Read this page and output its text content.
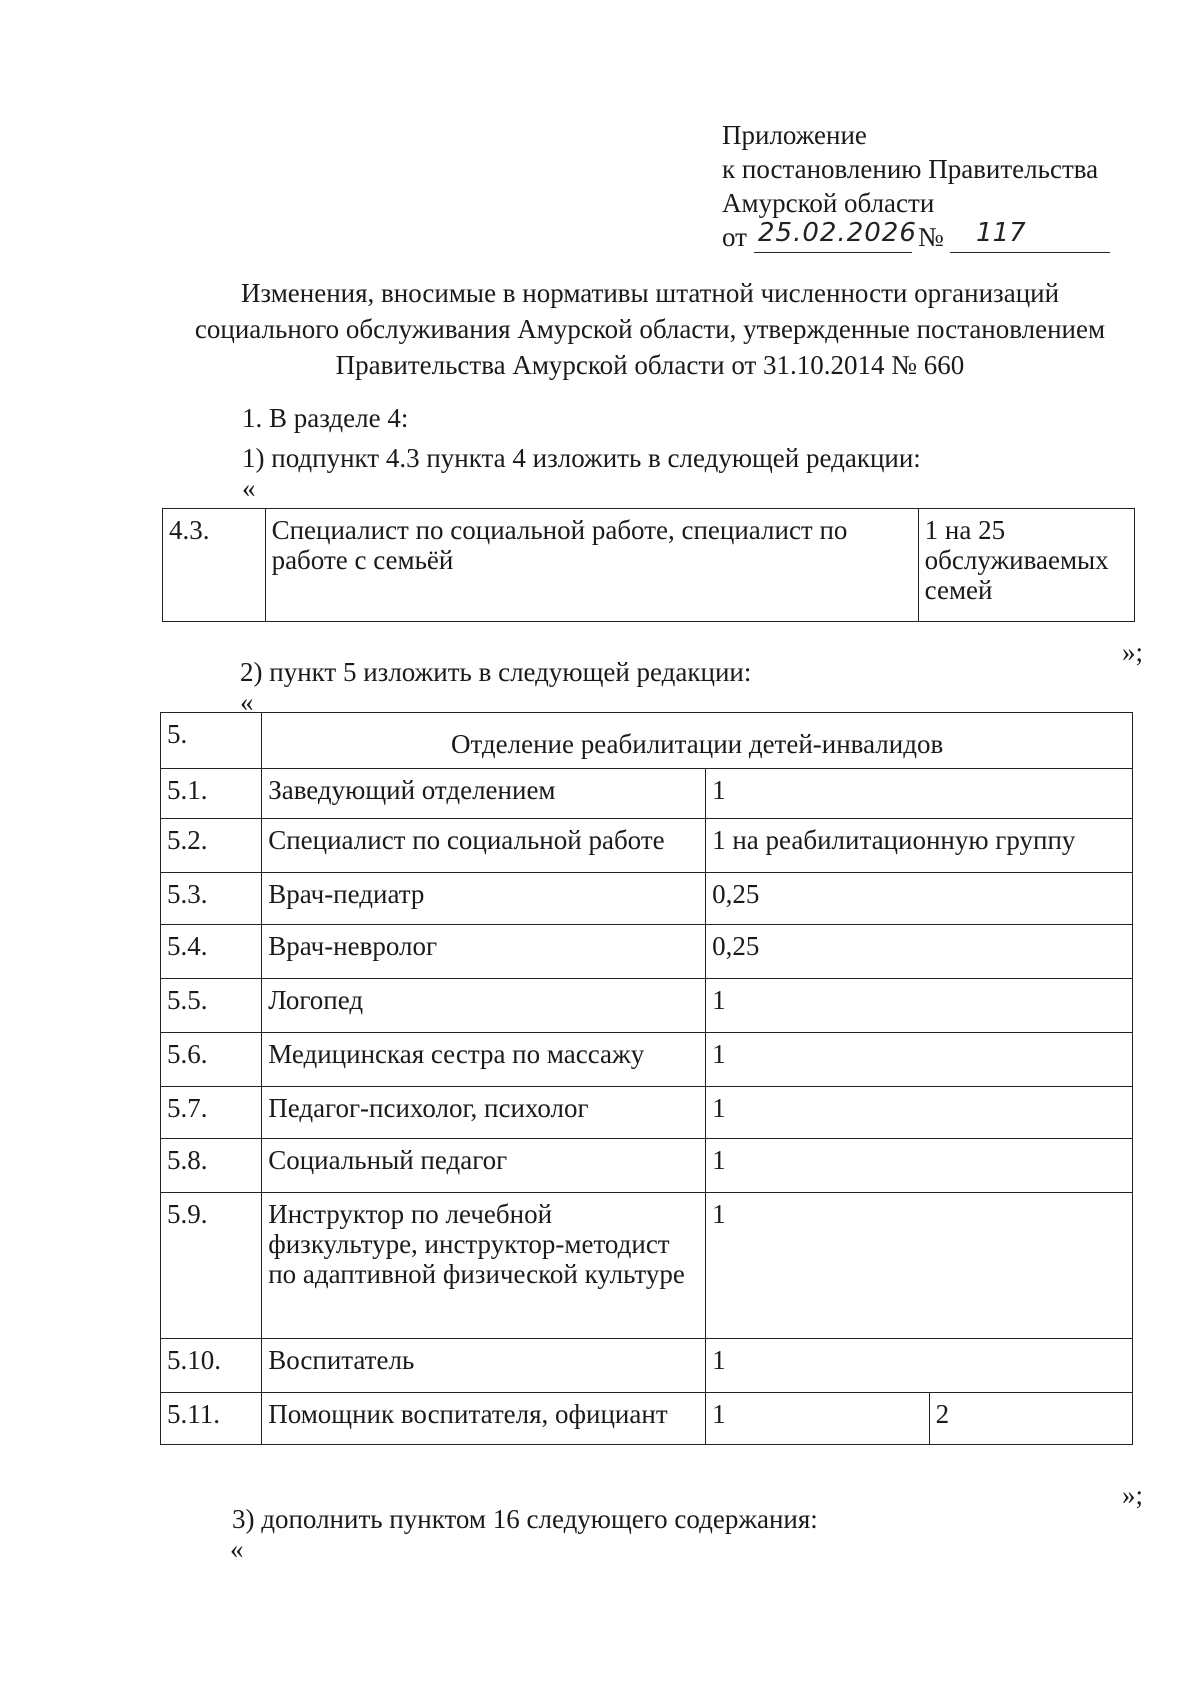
Приложение
к постановлению Правительства
Амурской области
от 25.02.2026 № 117
Изменения, вносимые в нормативы штатной численности организаций
социального обслуживания Амурской области, утвержденные постановлением
Правительства Амурской области от 31.10.2014 № 660
1. В разделе 4:
1) подпункт 4.3 пункта 4 изложить в следующей редакции:
«
4.3.	Специалист по социальной работе, специалист по работе с семьёй	1 на 25 обслуживаемых семей
»;
2) пункт 5 изложить в следующей редакции:
«
5.	Отделение реабилитации детей-инвалидов		
5.1.	Заведующий отделением	1	
5.2.	Специалист по социальной работе	1 на реабилитационную группу	
5.3.	Врач-педиатр	0,25	
5.4.	Врач-невролог	0,25	
5.5.	Логопед	1	
5.6.	Медицинская сестра по массажу	1	
5.7.	Педагог-психолог, психолог	1	
5.8.	Социальный педагог	1	
5.9.	Инструктор по лечебной физкультуре, инструктор-методист по адаптивной физической культуре	1	
5.10.	Воспитатель	1	
5.11.	Помощник воспитателя, официант	1	2
»;
3) дополнить пунктом 16 следующего содержания:
«
